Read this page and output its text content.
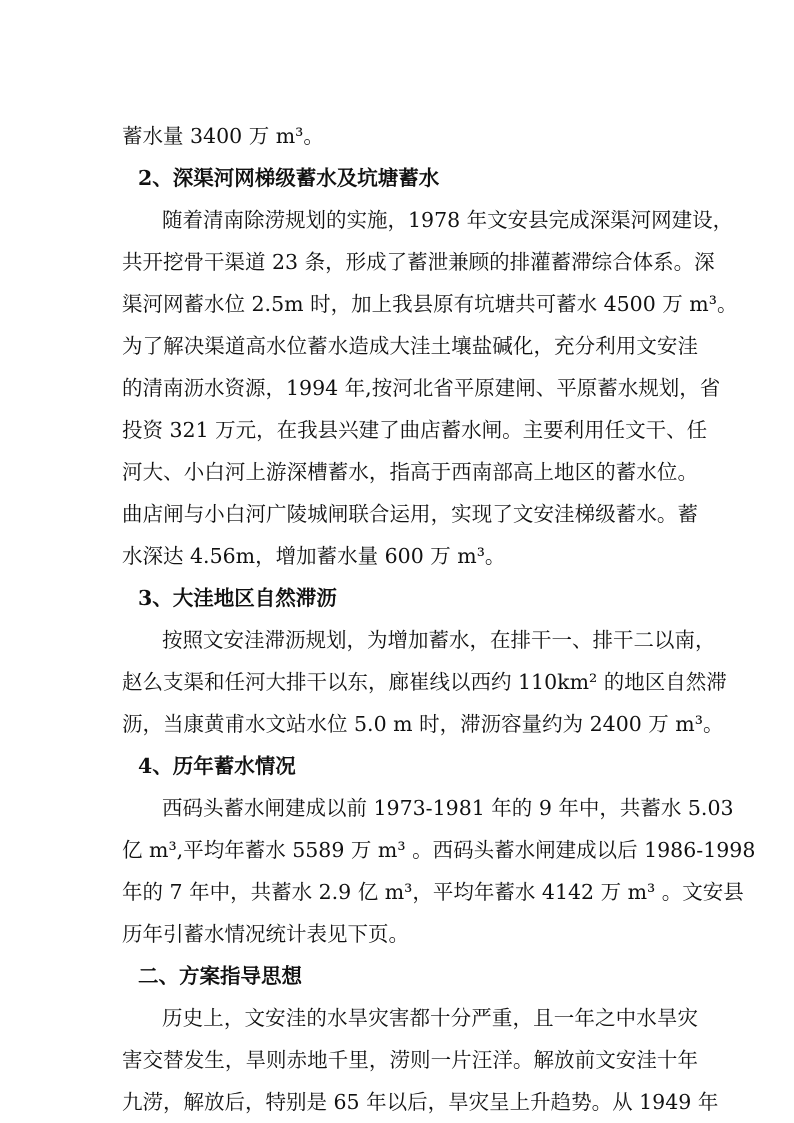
蓄水量 3400 万 m³。
2、深渠河网梯级蓄水及坑塘蓄水
随着清南除涝规划的实施，1978 年文安县完成深渠河网建设，
共开挖骨干渠道 23 条，形成了蓄泄兼顾的排灌蓄滞综合体系。深
渠河网蓄水位 2.5m 时，加上我县原有坑塘共可蓄水 4500 万 m³。
为了解决渠道高水位蓄水造成大洼土壤盐碱化，充分利用文安洼
的清南沥水资源，1994 年,按河北省平原建闸、平原蓄水规划，省
投资 321 万元，在我县兴建了曲店蓄水闸。主要利用任文干、任
河大、小白河上游深槽蓄水，指高于西南部高上地区的蓄水位。
曲店闸与小白河广陵城闸联合运用，实现了文安洼梯级蓄水。蓄
水深达 4.56m，增加蓄水量 600 万 m³。
3、大洼地区自然滞沥
按照文安洼滞沥规划，为增加蓄水，在排干一、排干二以南，
赵么支渠和任河大排干以东，廊崔线以西约 110km² 的地区自然滞
沥，当康黄甫水文站水位 5.0 m 时，滞沥容量约为 2400 万 m³。
4、历年蓄水情况
西码头蓄水闸建成以前 1973-1981 年的 9 年中，共蓄水 5.03
亿 m³,平均年蓄水 5589 万 m³ 。西码头蓄水闸建成以后 1986-1998
年的 7 年中，共蓄水 2.9 亿 m³，平均年蓄水 4142 万 m³ 。文安县
历年引蓄水情况统计表见下页。
二、方案指导思想
历史上，文安洼的水旱灾害都十分严重，且一年之中水旱灾
害交替发生，旱则赤地千里，涝则一片汪洋。解放前文安洼十年
九涝，解放后，特别是 65 年以后，旱灾呈上升趋势。从 1949 年
